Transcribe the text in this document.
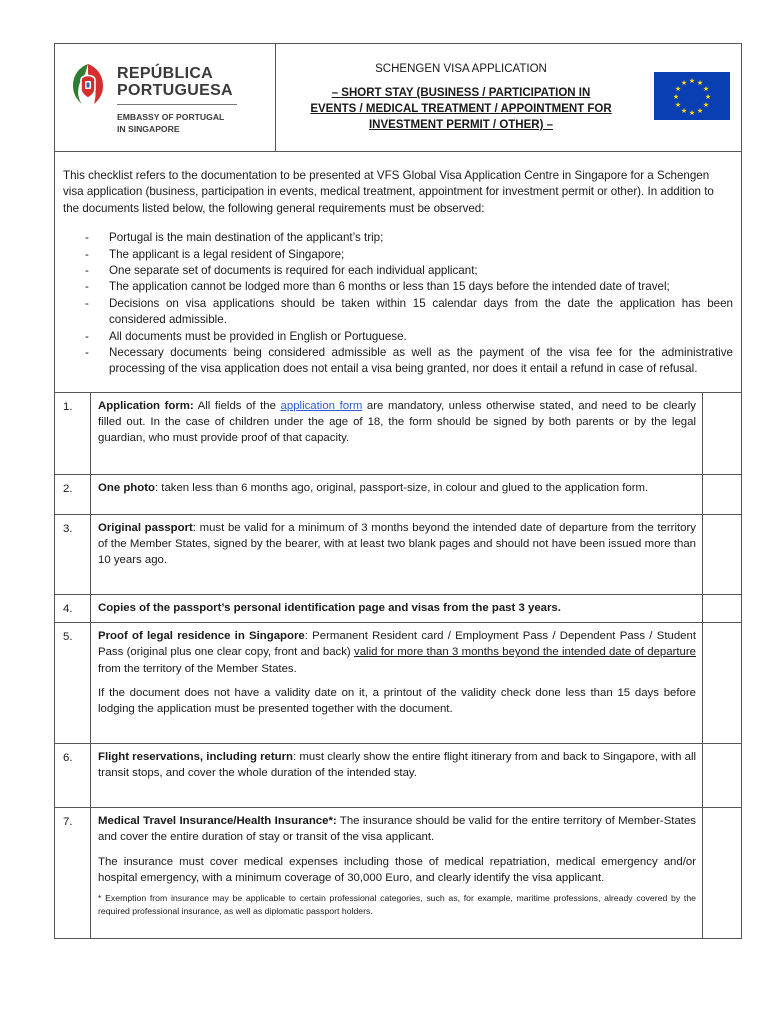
REPÚBLICA
PORTUGUESA
EMBASSY OF PORTUGAL
IN SINGAPORE
SCHENGEN VISA APPLICATION
– SHORT STAY (BUSINESS / PARTICIPATION IN
EVENTS / MEDICAL TREATMENT / APPOINTMENT FOR
INVESTMENT PERMIT / OTHER) –
★ ★
★
★
★
★
★
★
★
★
★
★

This checklist refers to the documentation to be presented at VFS Global Visa Application Centre in Singapore for a Schengen visa application (business, participation in events, medical treatment, appointment for investment permit or other). In addition to the documents listed below, the following general requirements must be observed:

- Portugal is the main destination of the applicant’s trip;
- The applicant is a legal resident of Singapore;
- One separate set of documents is required for each individual applicant;
- The application cannot be lodged more than 6 months or less than 15 days before the intended date of travel;
- Decisions on visa applications should be taken within 15 calendar days from the date the application has been considered admissible.
- All documents must be provided in English or Portuguese.
- Necessary documents being considered admissible as well as the payment of the visa fee for the administrative processing of the visa application does not entail a visa being granted, nor does it entail a refund in case of refusal.
1.	Application form: All fields of the application form are mandatory, unless otherwise stated, and need to be clearly filled out. In the case of children under the age of 18, the form should be signed by both parents or by the legal guardian, who must provide proof of that capacity.	

2.	One photo: taken less than 6 months ago, original, passport-size, in colour and glued to the application form.	

3.	Original passport: must be valid for a minimum of 3 months beyond the intended date of departure from the territory of the Member States, signed by the bearer, with at least two blank pages and should not have been issued more than 10 years ago.	

4.	Copies of the passport’s personal identification page and visas from the past 3 years.	

5.	Proof of legal residence in Singapore: Permanent Resident card / Employment Pass / Dependent Pass / Student Pass (original plus one clear copy, front and back) valid for more than 3 months beyond the intended date of departure from the territory of the Member States.

If the document does not have a validity date on it, a printout of the validity check done less than 15 days before lodging the application must be presented together with the document.	

6.	Flight reservations, including return: must clearly show the entire flight itinerary from and back to Singapore, with all transit stops, and cover the whole duration of the intended stay.	

7.	Medical Travel Insurance/Health Insurance*: The insurance should be valid for the entire territory of Member-States and cover the entire duration of stay or transit of the visa applicant.

The insurance must cover medical expenses including those of medical repatriation, medical emergency and/or hospital emergency, with a minimum coverage of 30,000 Euro, and clearly identify the visa applicant.

* Exemption from insurance may be applicable to certain professional categories, such as, for example, maritime professions, already covered by the required professional insurance, as well as diplomatic passport holders.	
